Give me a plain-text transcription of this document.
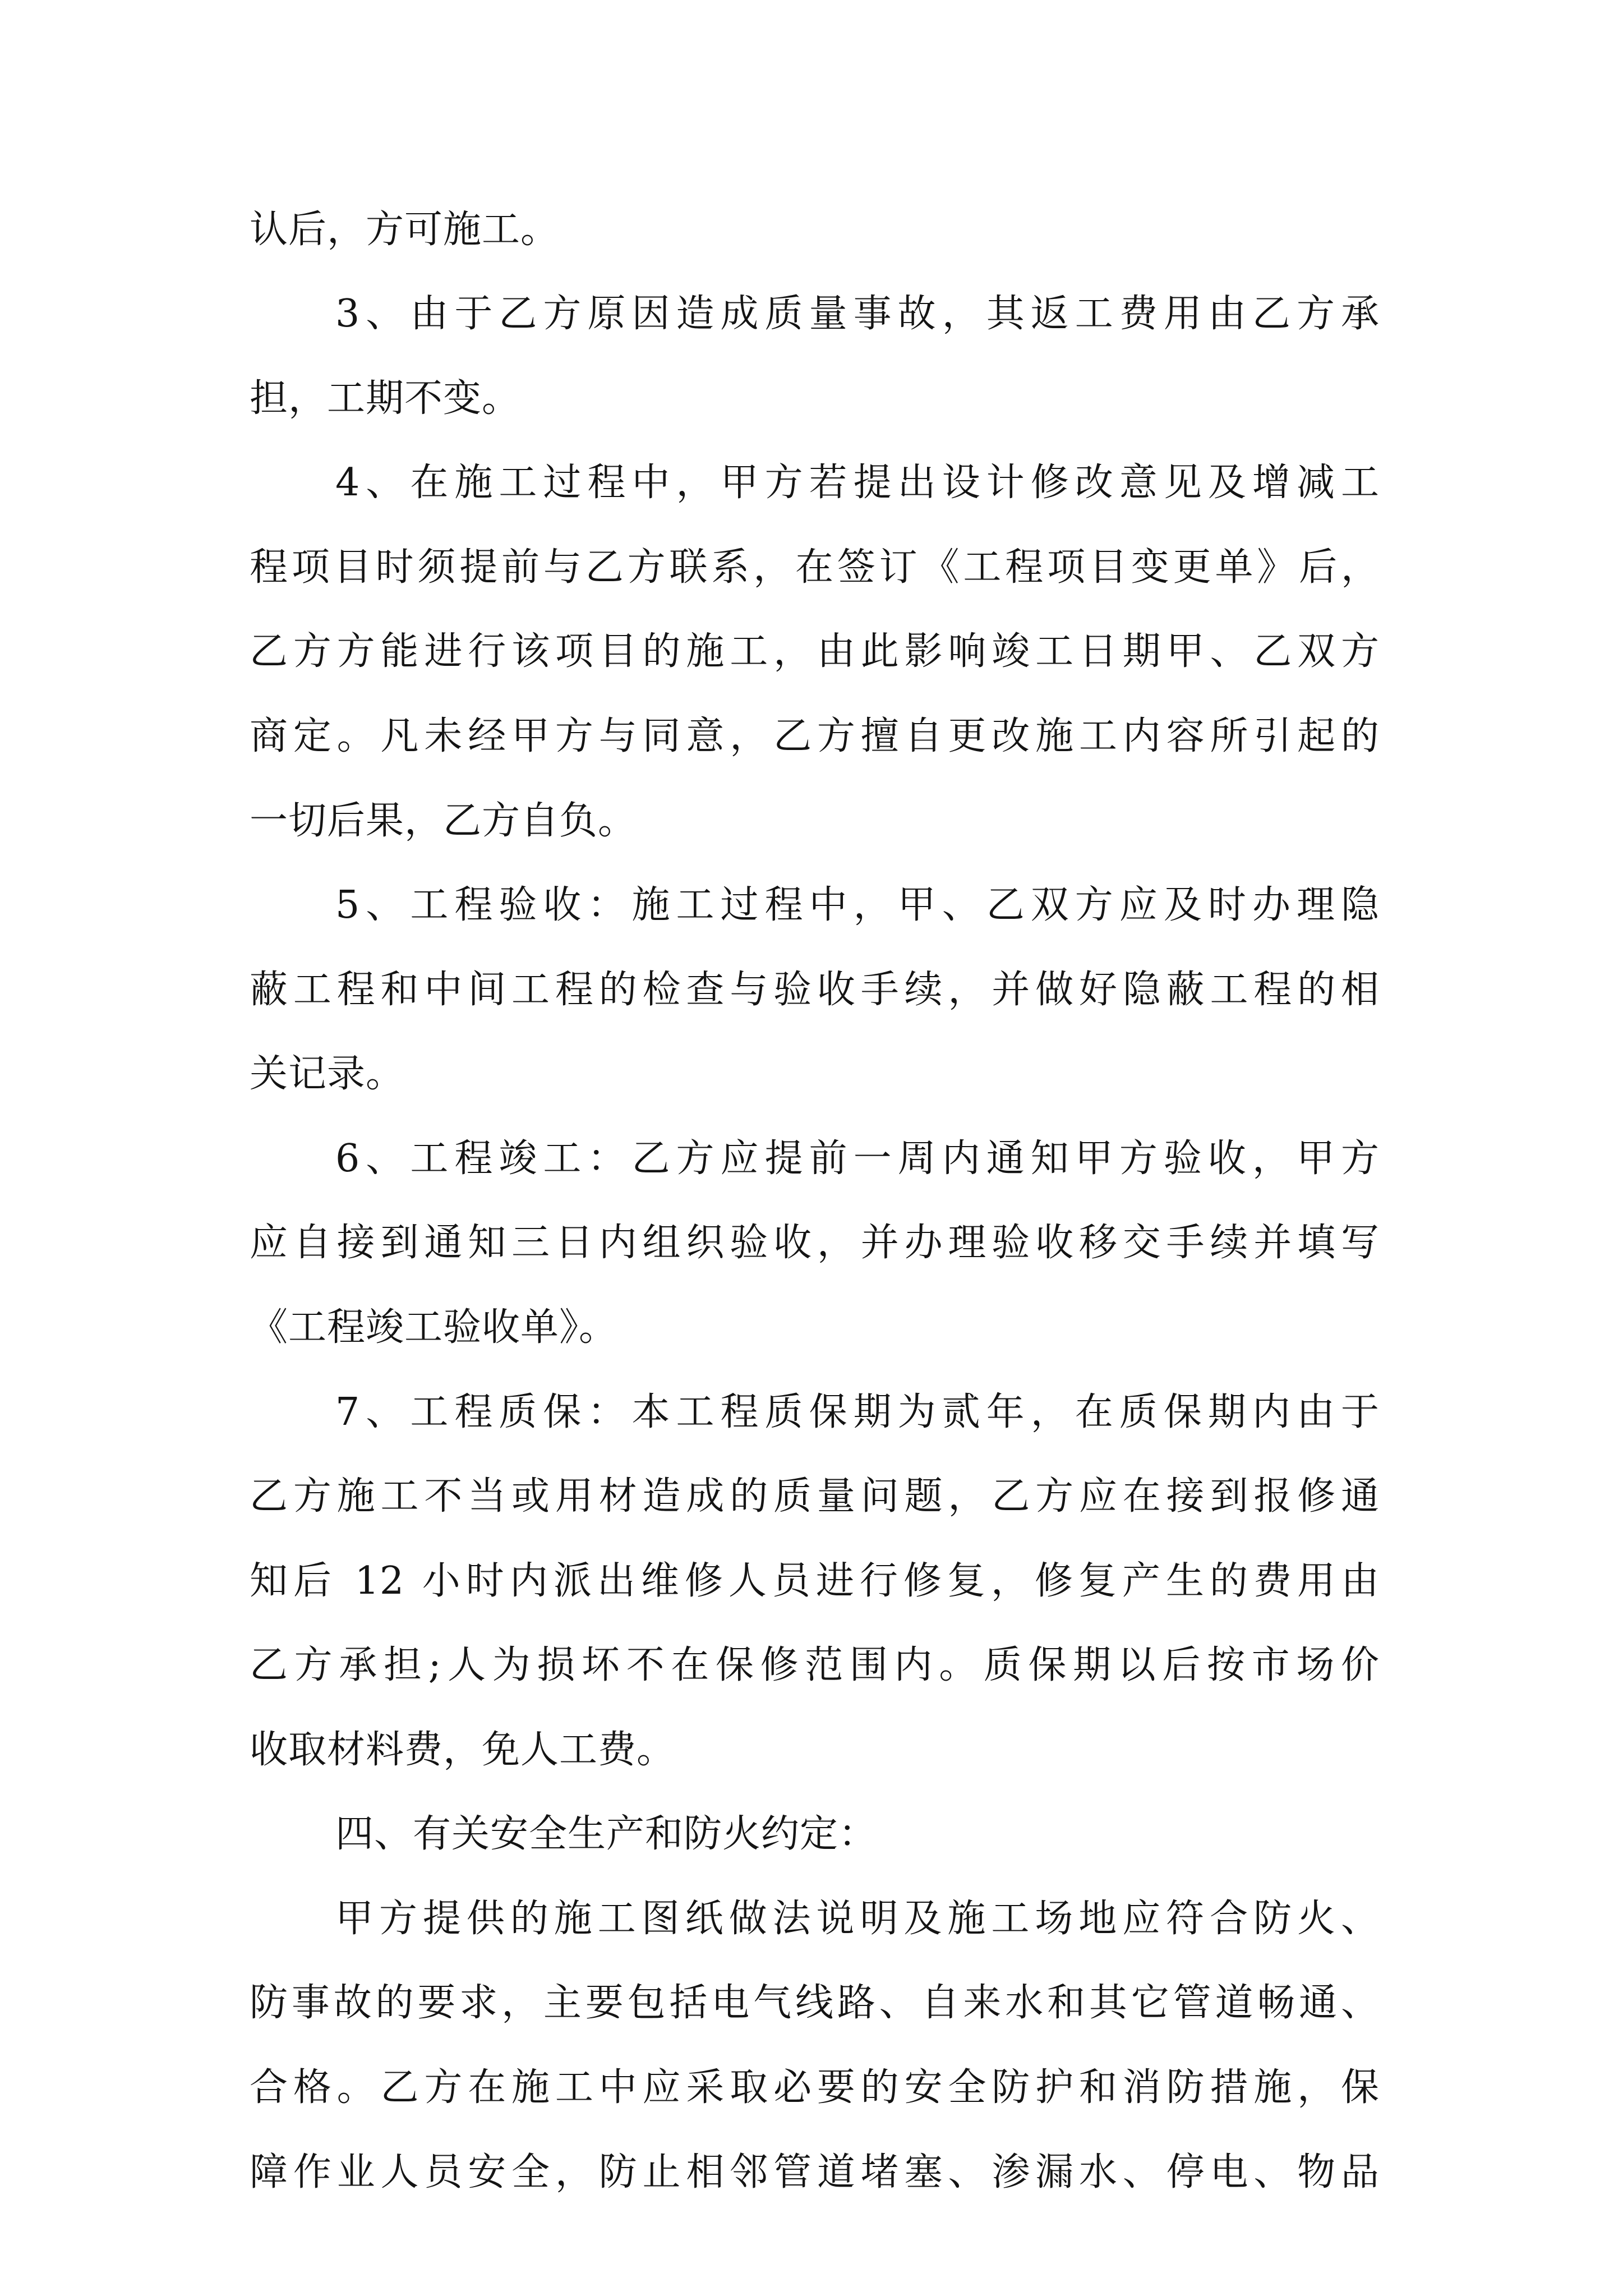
认后，方可施工。
3、由于乙方原因造成质量事故，其返工费用由乙方承
担，工期不变。
4、在施工过程中，甲方若提出设计修改意见及增减工
程项目时须提前与乙方联系，在签订《工程项目变更单》后，
乙方方能进行该项目的施工，由此影响竣工日期甲、乙双方
商定。凡未经甲方与同意，乙方擅自更改施工内容所引起的
一切后果，乙方自负。
5、工程验收：施工过程中，甲、乙双方应及时办理隐
蔽工程和中间工程的检查与验收手续，并做好隐蔽工程的相
关记录。
6、工程竣工：乙方应提前一周内通知甲方验收，甲方
应自接到通知三日内组织验收，并办理验收移交手续并填写
《工程竣工验收单》。
7、工程质保：本工程质保期为贰年，在质保期内由于
乙方施工不当或用材造成的质量问题，乙方应在接到报修通
知后 12 小时内派出维修人员进行修复，修复产生的费用由
乙方承担;人为损坏不在保修范围内。质保期以后按市场价
收取材料费，免人工费。
四、有关安全生产和防火约定：
甲方提供的施工图纸做法说明及施工场地应符合防火、
防事故的要求，主要包括电气线路、自来水和其它管道畅通、
合格。乙方在施工中应采取必要的安全防护和消防措施，保
障作业人员安全，防止相邻管道堵塞、渗漏水、停电、物品
